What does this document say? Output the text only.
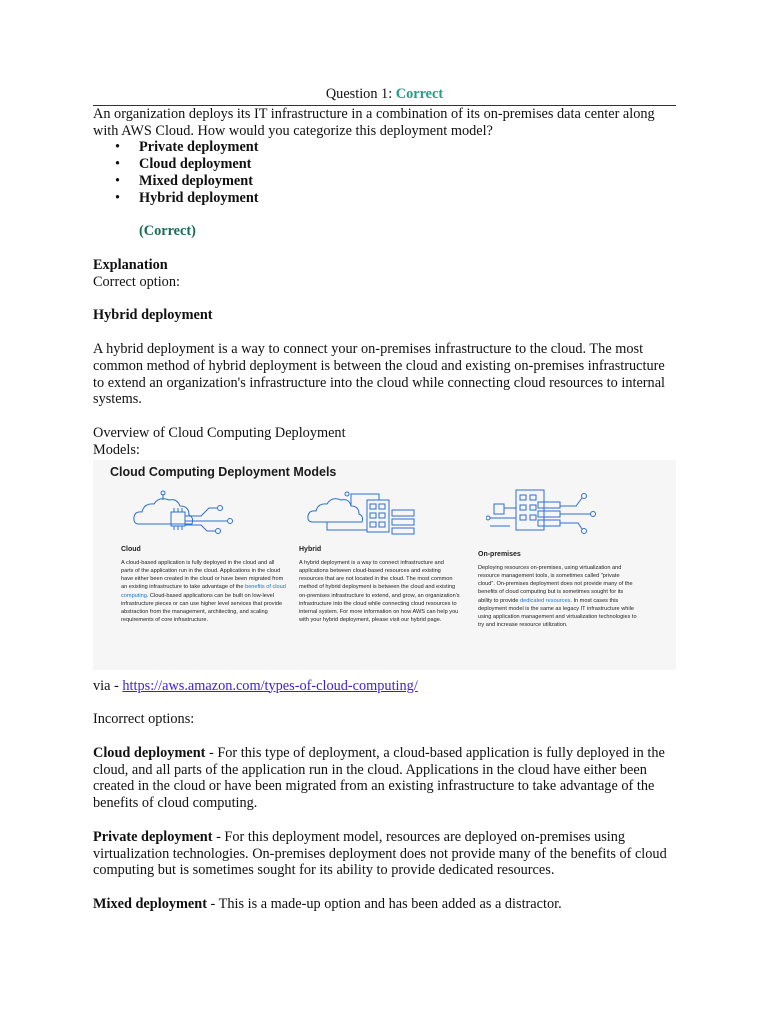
Question 1: Correct

An organization deploys its IT infrastructure in a combination of its on-premises data center along with AWS Cloud. How would you categorize this deployment model?

• Private deployment
• Cloud deployment
• Mixed deployment
• Hybrid deployment

(Correct)

Explanation

Correct option:

Hybrid deployment

A hybrid deployment is a way to connect your on-premises infrastructure to the cloud. The most common method of hybrid deployment is between the cloud and existing on-premises infrastructure to extend an organization's infrastructure into the cloud while connecting cloud resources to internal systems.

Overview of Cloud Computing Deployment

Models:

Cloud Computing Deployment Models
Cloud
A cloud-based application is fully deployed in the cloud and all parts of the application run in the cloud. Applications in the cloud have either been created in the cloud or have been migrated from an existing infrastructure to take advantage of the benefits of cloud computing. Cloud-based applications can be built on low-level infrastructure pieces or can use higher level services that provide abstraction from the management, architecting, and scaling requirements of core infrastructure.
Hybrid
A hybrid deployment is a way to connect infrastructure and applications between cloud-based resources and existing resources that are not located in the cloud. The most common method of hybrid deployment is between the cloud and existing on-premises infrastructure to extend, and grow, an organization's infrastructure into the cloud while connecting cloud resources to internal system. For more information on how AWS can help you with your hybrid deployment, please visit our hybrid page.
On-premises
Deploying resources on-premises, using virtualization and resource management tools, is sometimes called "private cloud". On-premises deployment does not provide many of the benefits of cloud computing but is sometimes sought for its ability to provide dedicated resources. In most cases this deployment model is the same as legacy IT infrastructure while using application management and virtualization technologies to try and increase resource utilization.

via - https://aws.amazon.com/types-of-cloud-computing/

Incorrect options:

Cloud deployment - For this type of deployment, a cloud-based application is fully deployed in the cloud, and all parts of the application run in the cloud. Applications in the cloud have either been created in the cloud or have been migrated from an existing infrastructure to take advantage of the benefits of cloud computing.

Private deployment - For this deployment model, resources are deployed on-premises using virtualization technologies. On-premises deployment does not provide many of the benefits of cloud computing but is sometimes sought for its ability to provide dedicated resources.

Mixed deployment - This is a made-up option and has been added as a distractor.
